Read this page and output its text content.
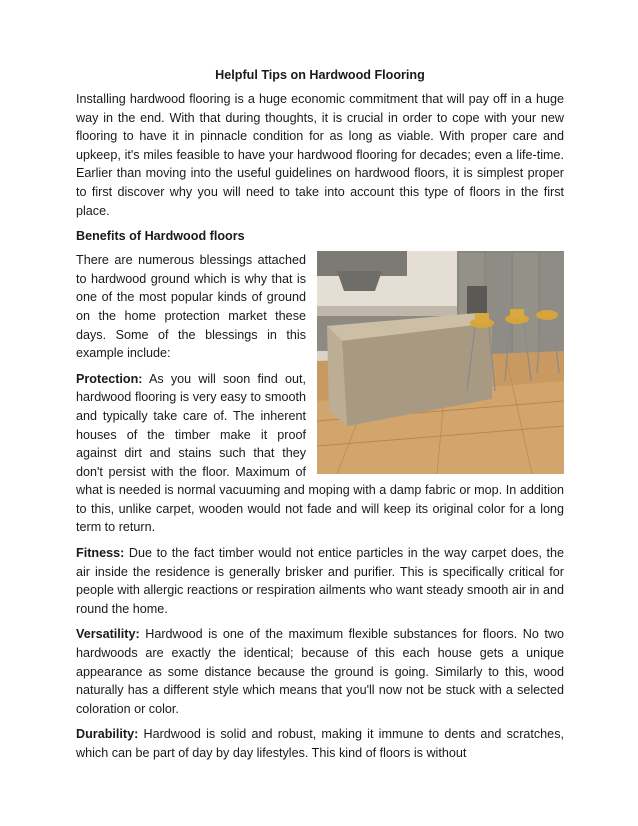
Helpful Tips on Hardwood Flooring

Installing hardwood flooring is a huge economic commitment that will pay off in a huge way in the end. With that during thoughts, it is crucial in order to cope with your new flooring to have it in pinnacle condition for as long as viable. With proper care and upkeep, it's miles feasible to have your hardwood flooring for decades; even a life-time. Earlier than moving into the useful guidelines on hardwood floors, it is simplest proper to first discover why you will need to take into account this type of floors in the first place.

Benefits of Hardwood floors

There are numerous blessings attached to hardwood ground which is why that is one of the most popular kinds of ground on the home protection market these days. Some of the blessings in this example include:

Protection: As you will soon find out, hardwood flooring is very easy to smooth and typically take care of. The inherent houses of the timber make it proof against dirt and stains such that they don't persist with the floor. Maximum of what is needed is normal vacuuming and moping with a damp fabric or mop. In addition to this, unlike carpet, wooden would not fade and will keep its original color for a long term to return.

Fitness: Due to the fact timber would not entice particles in the way carpet does, the air inside the residence is generally brisker and purifier. This is specifically critical for people with allergic reactions or respiration ailments who want steady smooth air in and round the home.

Versatility: Hardwood is one of the maximum flexible substances for floors. No two hardwoods are exactly the identical; because of this each house gets a unique appearance as some distance because the ground is going. Similarly to this, wood naturally has a different style which means that you'll now not be stuck with a selected coloration or color.

Durability: Hardwood is solid and robust, making it immune to dents and scratches, which can be part of day by day lifestyles. This kind of floors is without
